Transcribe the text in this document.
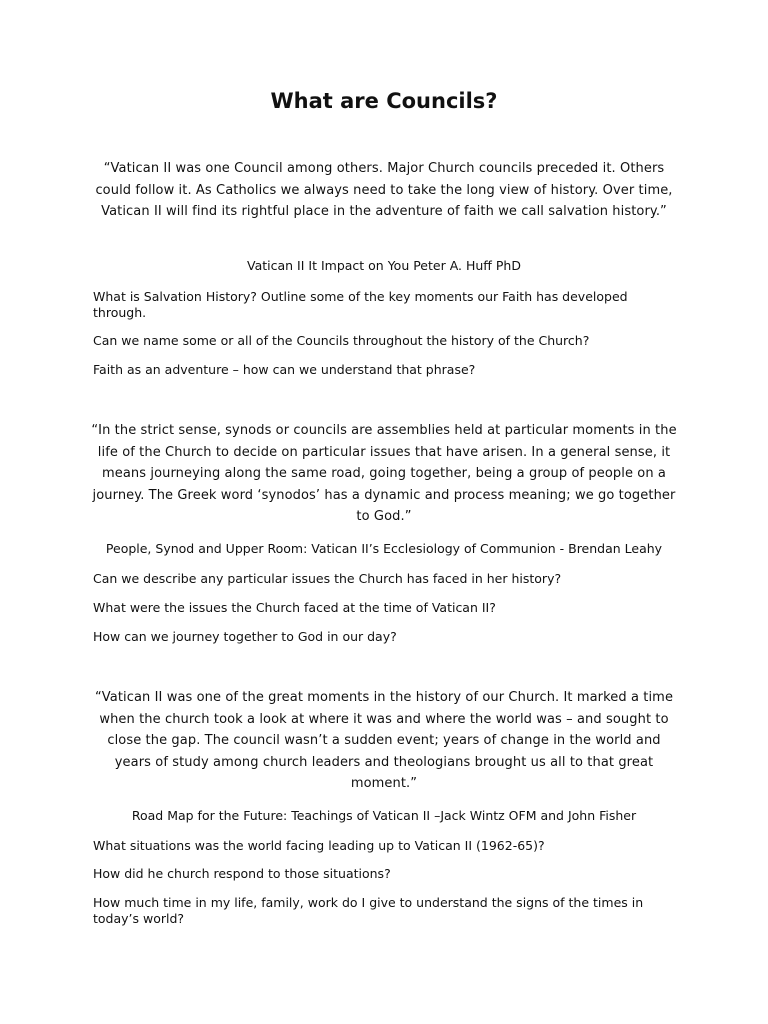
What are Councils?

“Vatican II was one Council among others. Major Church councils preceded it. Others could follow it. As Catholics we always need to take the long view of history. Over time, Vatican II will find its rightful place in the adventure of faith we call salvation history.”

Vatican II It Impact on You Peter A. Huff PhD

What is Salvation History? Outline some of the key moments our Faith has developed through.

Can we name some or all of the Councils throughout the history of the Church?

Faith as an adventure – how can we understand that phrase?

“In the strict sense, synods or councils are assemblies held at particular moments in the life of the Church to decide on particular issues that have arisen. In a general sense, it means journeying along the same road, going together, being a group of people on a journey. The Greek word ‘synodos’ has a dynamic and process meaning; we go together to God.”

People, Synod and Upper Room: Vatican II’s Ecclesiology of Communion - Brendan Leahy

Can we describe any particular issues the Church has faced in her history?

What were the issues the Church faced at the time of Vatican II?

How can we journey together to God in our day?

“Vatican II was one of the great moments in the history of our Church. It marked a time when the church took a look at where it was and where the world was – and sought to close the gap. The council wasn’t a sudden event; years of change in the world and years of study among church leaders and theologians brought us all to that great moment.”

Road Map for the Future: Teachings of Vatican II –Jack Wintz OFM and John Fisher

What situations was the world facing leading up to Vatican II (1962-65)?

How did he church respond to those situations?

How much time in my life, family, work do I give to understand the signs of the times in today’s world?
